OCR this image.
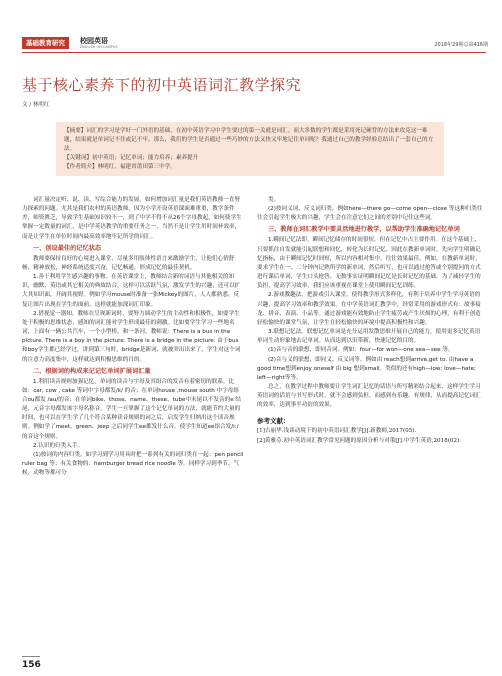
基础教育研究	校园英语
ENGLISH ON CAMPUS	2018年29期总第416期
基于核心素养下的初中英语词汇教学探究
文 / 林明红

【摘要】词汇的学习是学好一门外语的基础，在初中英语学习中学生要过的第一关就是词汇。而大多数的学生都是采用死记硬背的方法来攻克这一难题，结果就是单词记不住或记不牢。那么，我们的学生是否通过一些巧妙的方法又快又牢地记住单词呢？我通过自己的教学经验总结出了一套自己的方法。

【关键词】初中英语；记忆单词；能力培养；素养提升

【作者简介】林明红，福建省莆田第三中学。

词汇量决定听、说、读、写综合能力的发展。如何增加词汇量是我们英语教师一直努力探索的问题。尤其是我们农村的英语教师，因为小学开设英语课面难重重，教学条件差，师资匮乏，导致学生基础知识较不一，到了中学不得不从26个字母教起，如何使学生掌握一定数量的词汇，是中学英语教学的重要任务之一，当然不是让学生用时间补效率，而是让学生在单位时间内最高效率地牢记所学的词汇。

一、创设最佳的记忆状态

教师要保持良好的心境进入课堂，尽量多用肢体性语言来激励学生，让他们心情舒畅，精神放松，神经系统适度兴奋，记忆畅通，形成记忆的最佳契机。

1.善于利用学生感兴趣的事物。在英语课堂上，教师结合新的词语与其他相关的知识，幽默、英语或其它相关的典故结合，这样可以活跃气氛，激发学生的兴趣，还可以扩大其知识面，开阔其视野。例如学习mouse时准备一张Mickey的图片，人人都熟悉，反复让图片出现在学生的面前，这样就能加深词汇印象。

2.借视觉一器知。教师在呈现新词时，要努力调动学生的主动性和积极性，如要学生处于积极的思维状态，感知的词汇能对学生形成最佳的刺激。比如要学生学习一些地名词，上面有一辆公共汽车，一个小型桥，和一条河，教师说：There is a bus in the picture. There is a boy in the picture. There is a bridge in the picture. 由于bus 和boy学生都已经学过，讲到第三句时，bridge是新词，就被突出出来了，学生对这个词的注意力高度集中，这样就达到积极思维的目的。

二、根据词的构成来记记忆单词扩展词汇量

1.利用读音规则加强记忆。单词的读音与字母及其组合的发音有着密切的联系。比如：car, cow , cake 等词中字母都发/k/ 的音；在单词house ,mouse south 中字母组合ou都发 /au/的音；在单词bike、those、name、these、tube中末尾以不发音的e 结尾，元音字母都发该字母名称音。学生一旦掌握了这个记忆单词的方法，就能节约大量的时间，也可以在学生学了几个符合某种读音规则的词之后，启发学生归纳出这个读音规则。例如学了meet、green、jeep 之后同学生ee都发什么音，使学生知道ee组合发/i:/ 的音这个规则。

2.认识的归类入手。

(1)按词的内容归类。如学习到学习用具时把一系列有关的词归类在一起：pen pencil ruler bag 等；有关食物的：hamburger bread rice noodle 等。同样学习到季节、气候、动物等都可分

类。

(2)按同义词、反义词归类，例如here—there go—come open—close 等这种归类往往会引起学生极大的兴趣，学生会在注意它们之间的差别中记住这些词。

三、教师在词汇教学中要灵活地进行教学，以帮助学生准确地记忆单词

1.瞬间记忆法即。瞬间记忆储存的时间很短，但在记忆中占主要作用。在这个基础上，只要抓住自发就能引起联想和回忆，转化为长时记忆。因此在教新单词时，先向学生明确记忆指标，由于瞬间记忆时间短，所以内容相对集中，往往效果最佳。例如，在教新单词时，要求学生在一、二分钟内记熟所学的新单词，然后听写，也可以通过抢答或个别提问的方式进行课后单词，学生口头抢答。无数事实证明瞬间记忆是长时记忆的基础。为了减轻学生的负担，提高学习效率，我们应该重视在课堂上使用瞬间记忆训练。

2.游戏教趣法。把游戏引入课堂，使得教学形式多样化，有利于培养中学生学习英语的兴趣，提高学习效率和教学效果。在中学英语词汇教学中，经常采用的游戏形式有：故事接龙、拼音、表演、小品等。通过游戏能有效地防止学生疲劳或产生厌烦的心理，有利于创造轻松愉快的课堂气氛，让学生在轻松愉快的环境中提高积极性和兴趣。

3.联想记忆法。联想记忆单词是充分运用发散思维开展自己的能力，使用更多记忆英语单词生动形象地去记单词。从而达到以旧带新，快速记忆的目的。

(1)音与音的联想，即同音词。例如：four—for won—one sea—see 等。

(2)音与义的联想，即同义、反义词等。例如由 reach想到arrive,get to. 由have a good time想到enjoy oneself 由 big 想到small。类似的还有high—low; love—hate; left—right等等。

总之，在教学过程中教师要让学生词汇记忆的话语与所写精彩结合起来，这样学生学习英语词的话语与书写形式时，就不会感到负担。而感到有乐趣、有规律，从而提高记忆词汇的效率，达到事半功倍的效果。

参考文献：

[1]吉丽华.浅谈动境下的初中英语词汇教学[J].新教师,2017(05).

[2]黄雅芬.初中英语词汇教学常见问题的原因分析与对策[J].中学生英语,2018(02).

156
